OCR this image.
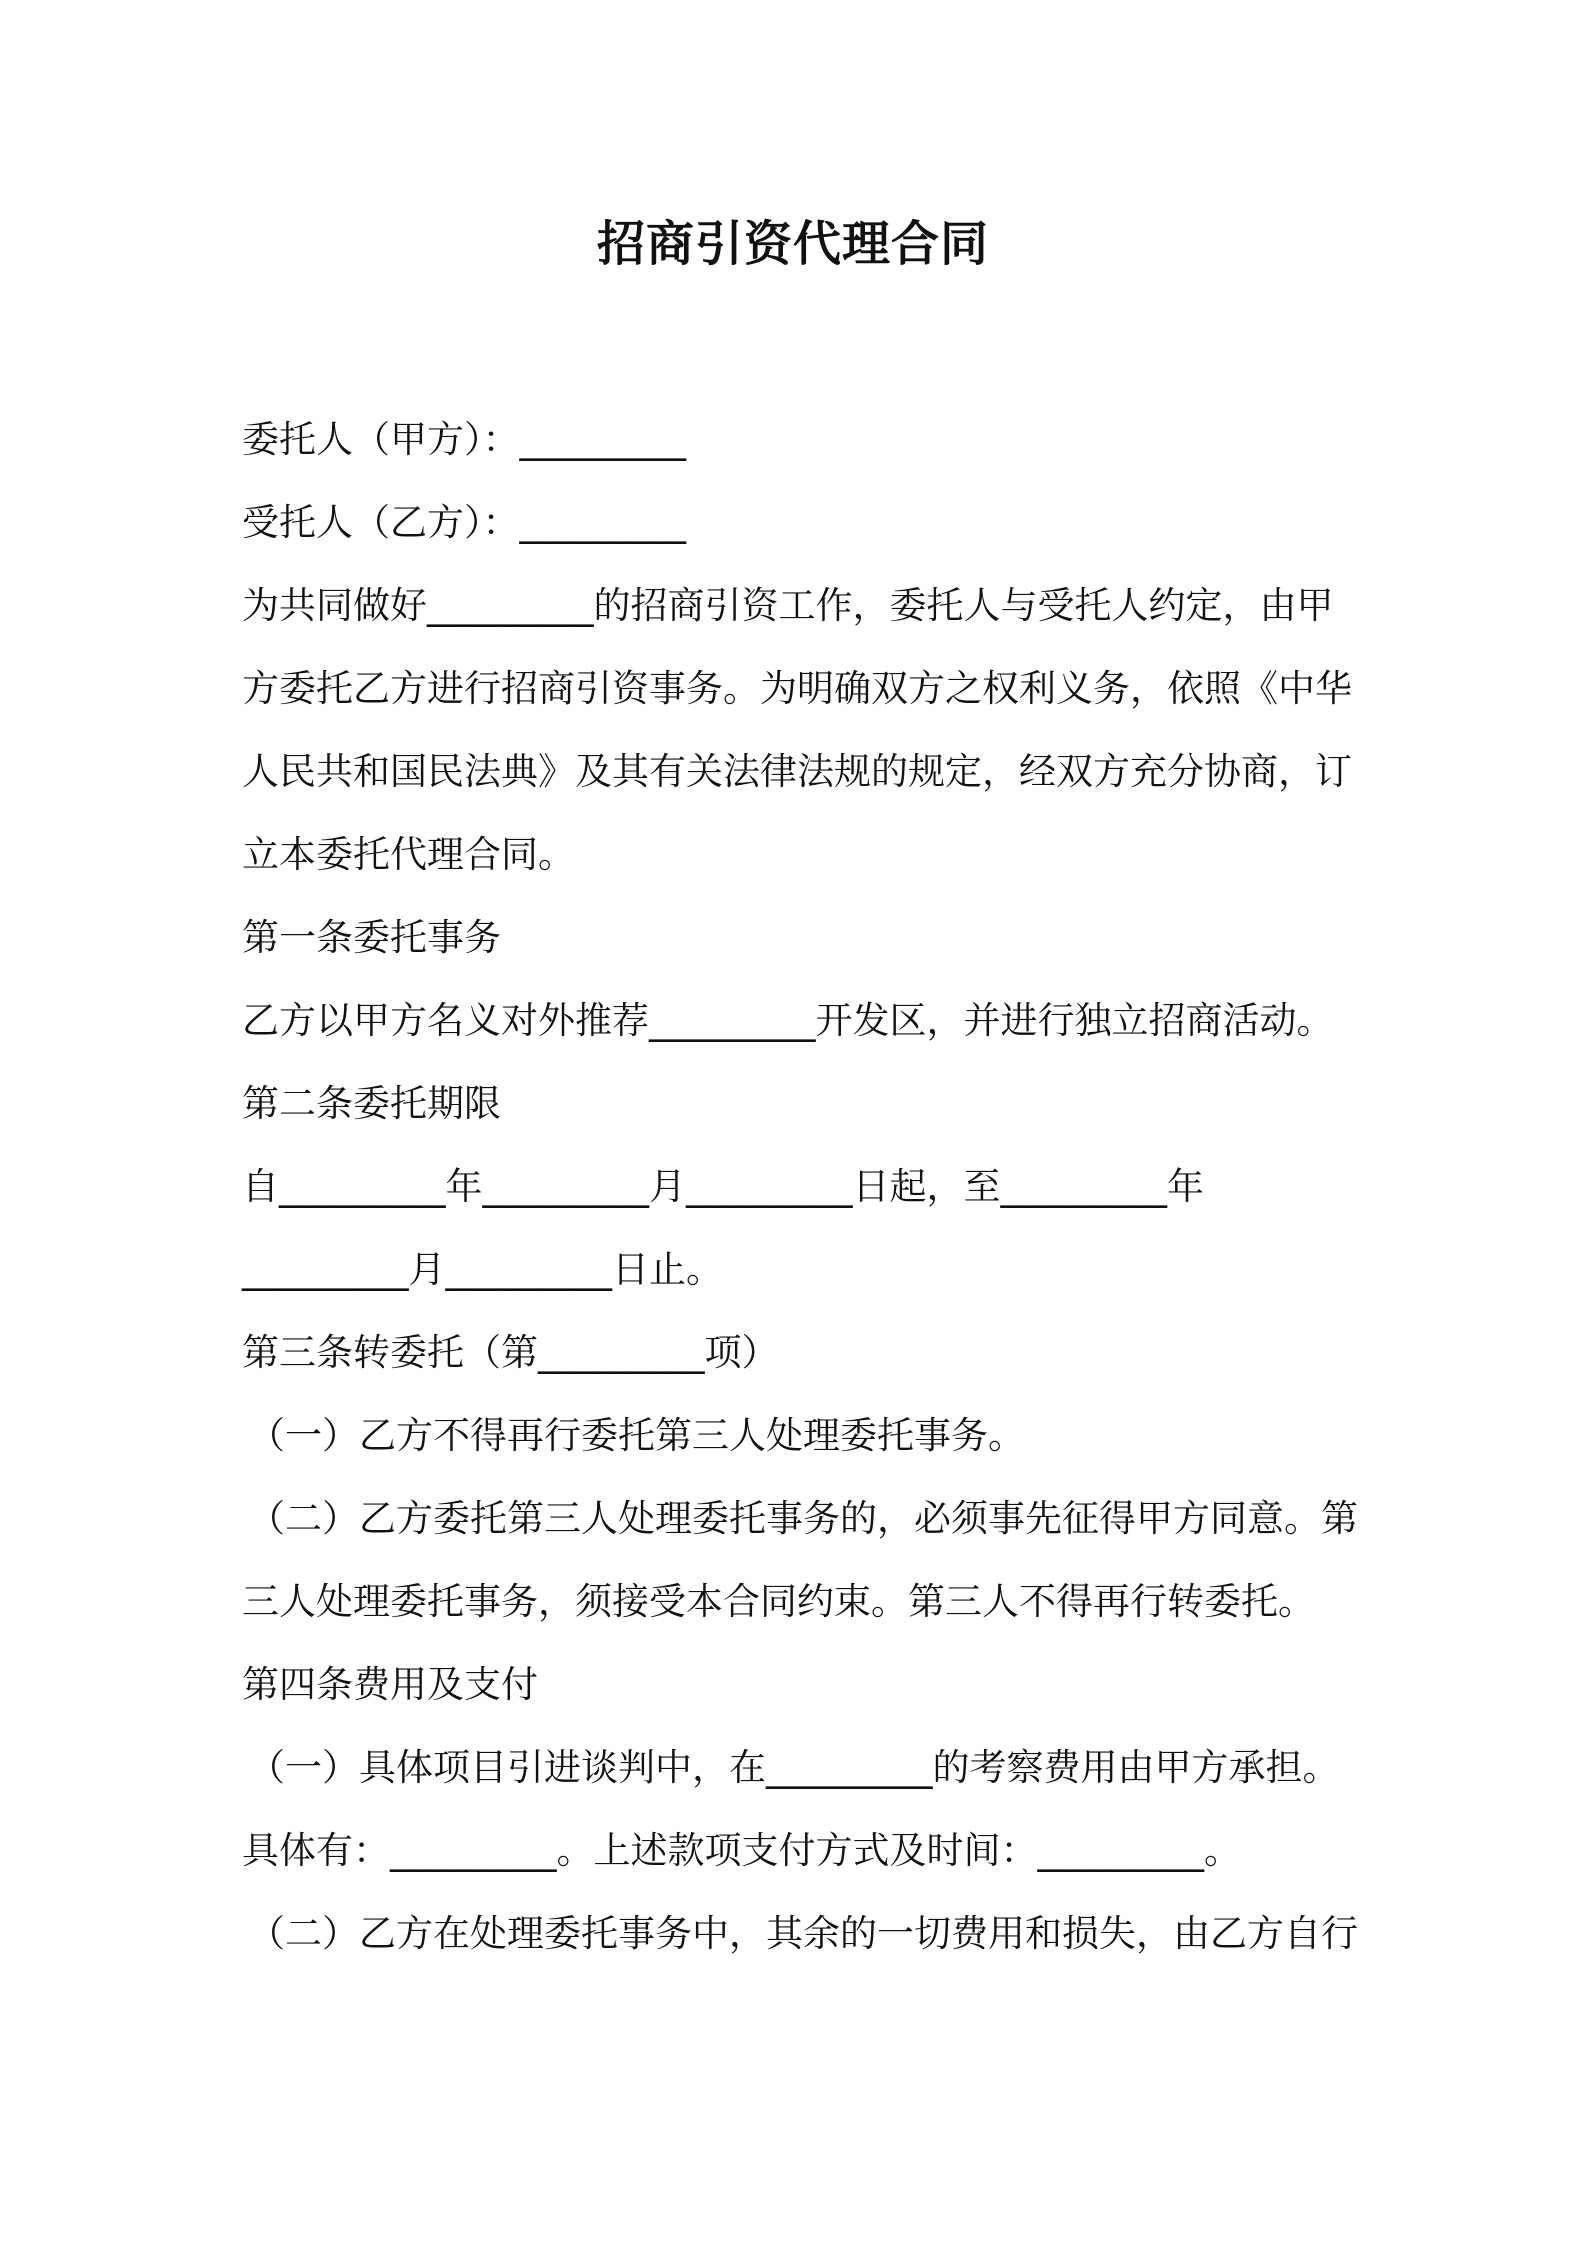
招商引资代理合同
委托人（甲方）：_________
受托人（乙方）：_________
为共同做好_________的招商引资工作，委托人与受托人约定，由甲
方委托乙方进行招商引资事务。为明确双方之权利义务，依照《中华
人民共和国民法典》及其有关法律法规的规定，经双方充分协商，订
立本委托代理合同。
第一条委托事务
乙方以甲方名义对外推荐_________开发区，并进行独立招商活动。
第二条委托期限
自_________年_________月_________日起，至_________年
_________月_________日止。
第三条转委托（第_________项）
（一）乙方不得再行委托第三人处理委托事务。
（二）乙方委托第三人处理委托事务的，必须事先征得甲方同意。第
三人处理委托事务，须接受本合同约束。第三人不得再行转委托。
第四条费用及支付
（一）具体项目引进谈判中，在_________的考察费用由甲方承担。
具体有：_________。上述款项支付方式及时间：_________。
（二）乙方在处理委托事务中，其余的一切费用和损失，由乙方自行
